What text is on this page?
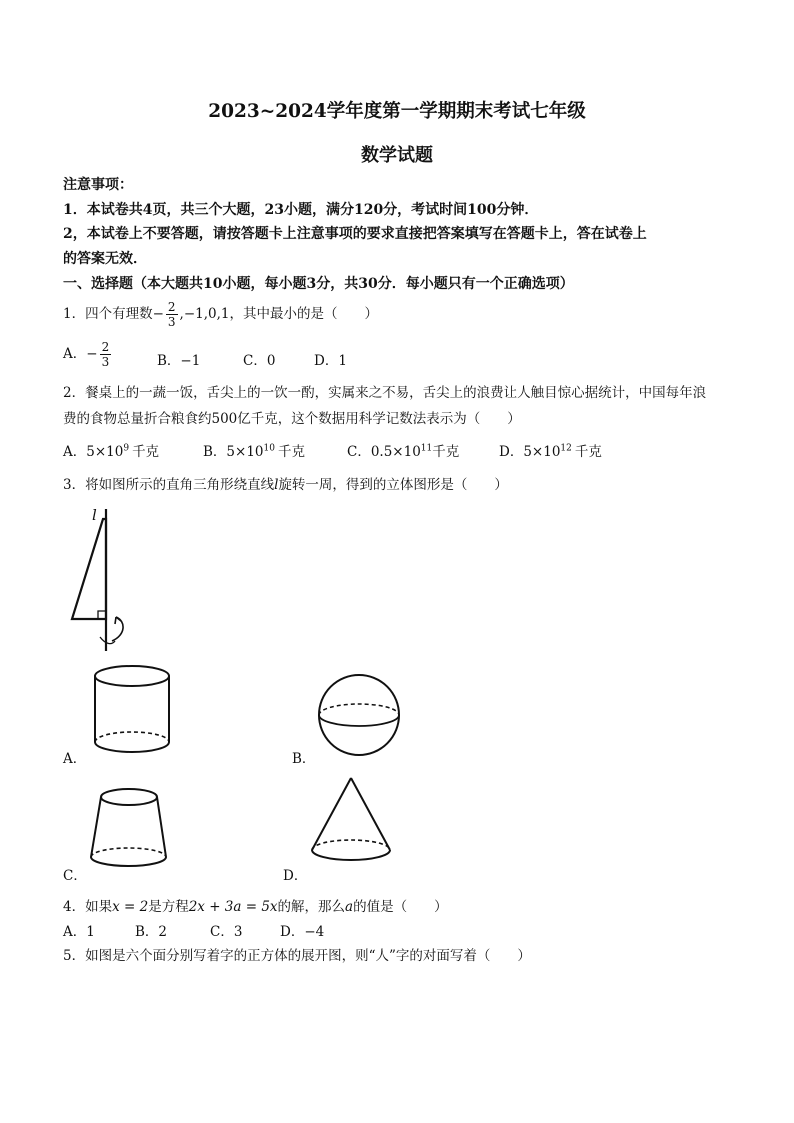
2023~2024学年度第一学期期末考试七年级
数学试题
注意事项：
1．本试卷共4页，共三个大题，23小题，满分120分，考试时间100分钟．
2，本试卷上不要答题，请按答题卡上注意事项的要求直接把答案填写在答题卡上，答在试卷上
的答案无效．
一、选择题（本大题共10小题，每小题3分，共30分．每小题只有一个正确选项）
1．四个有理数− $\frac{2}{3} ,-1,0,1$，其中最小的是（　　）
A．− $\frac{2}{3}$	B．−1	C．0	D．1
2．餐桌上的一蔬一饭，舌尖上的一饮一酌，实属来之不易，舌尖上的浪费让人触目惊心据统计，中国每年浪
费的食物总量折合粮食约500亿千克，这个数据用科学记数法表示为（　　）
A．$5\times 10^9$ 千克	B．$5\times 10^{10}$ 千克	C．$0.5\times 10^{11}$千克	D．$5\times 10^{12}$ 千克
3．将如图所示的直角三角形绕直线l旋转一周，得到的立体图形是（　　）
l
A．	B．
C．	D．
4．如果x = 2是方程2x + 3a = 5x的解，那么a的值是（　　）
A．1	B．2	C．3	D．−4
5．如图是六个面分别写着字的正方体的展开图，则“人”字的对面写着（　　）
